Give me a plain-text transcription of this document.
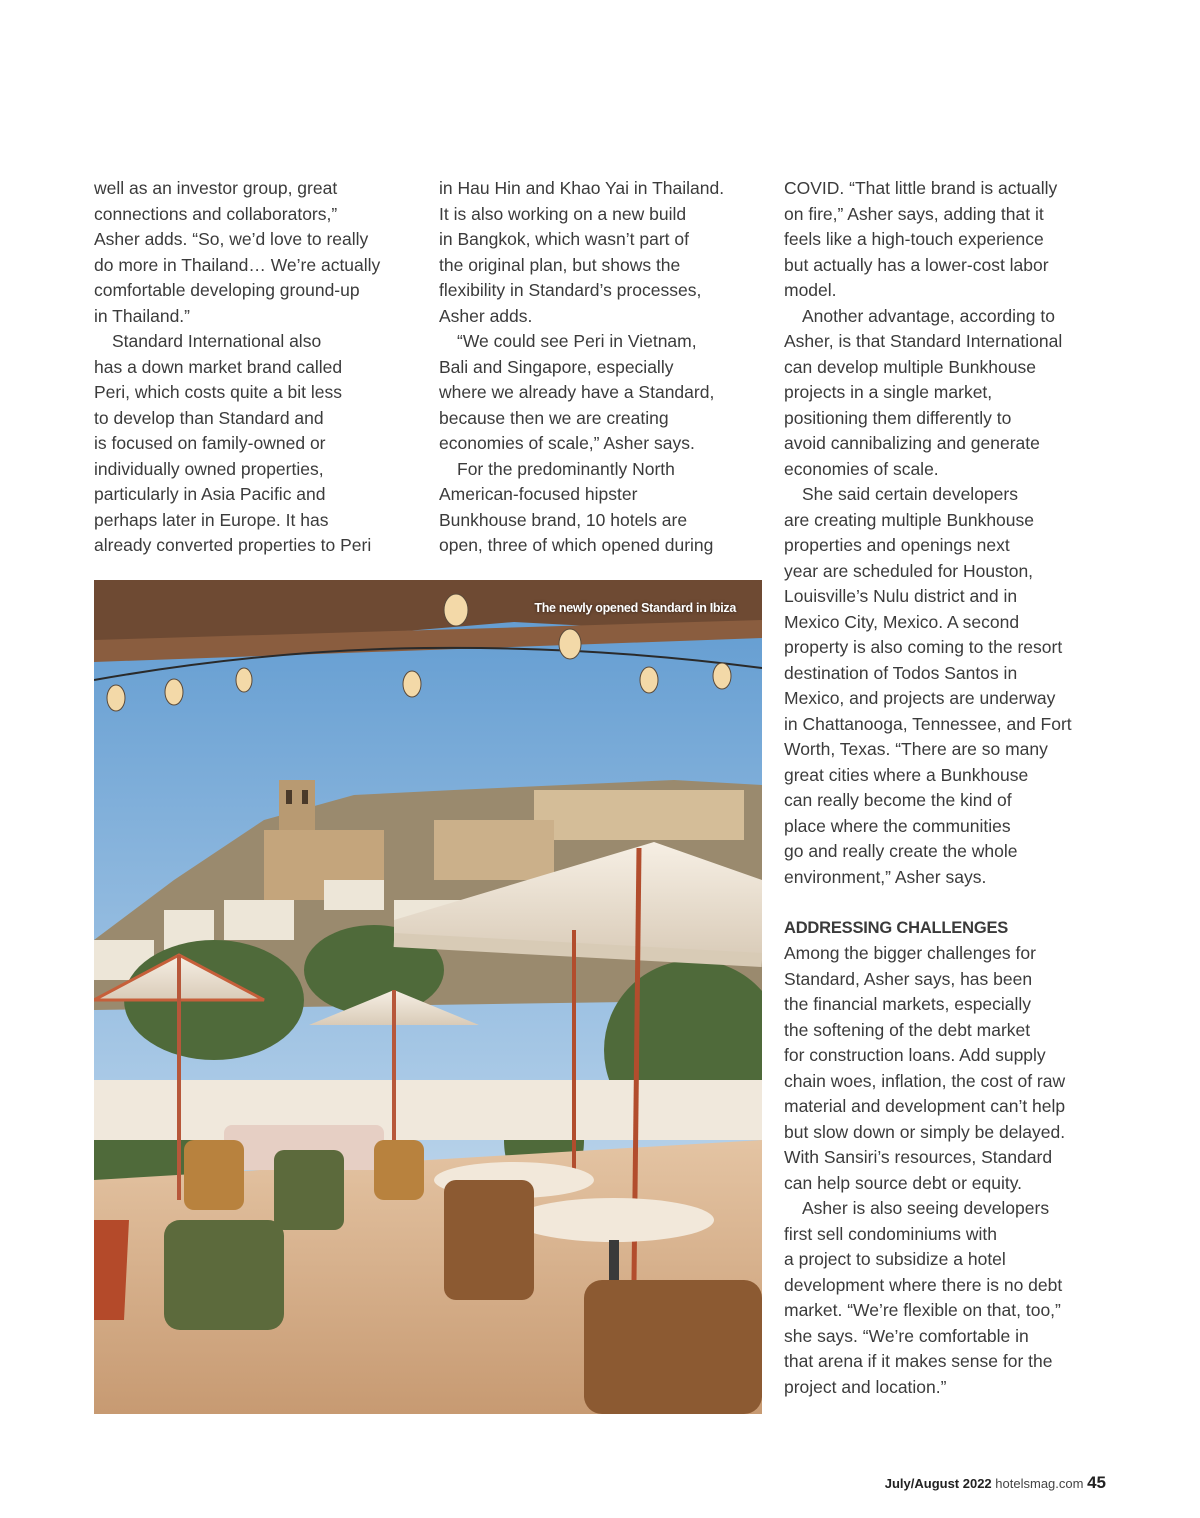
well as an investor group, great
connections and collaborators,”
Asher adds. “So, we’d love to really
do more in Thailand… We’re actually
comfortable developing ground-up
in Thailand.”
Standard International also
has a down market brand called
Peri, which costs quite a bit less
to develop than Standard and
is focused on family-owned or
individually owned properties,
particularly in Asia Pacific and
perhaps later in Europe. It has
already converted properties to Peri
in Hau Hin and Khao Yai in Thailand.
It is also working on a new build
in Bangkok, which wasn’t part of
the original plan, but shows the
flexibility in Standard’s processes,
Asher adds.
“We could see Peri in Vietnam,
Bali and Singapore, especially
where we already have a Standard,
because then we are creating
economies of scale,” Asher says.
For the predominantly North
American-focused hipster
Bunkhouse brand, 10 hotels are
open, three of which opened during
COVID. “That little brand is actually
on fire,” Asher says, adding that it
feels like a high-touch experience
but actually has a lower-cost labor
model.
Another advantage, according to
Asher, is that Standard International
can develop multiple Bunkhouse
projects in a single market,
positioning them differently to
avoid cannibalizing and generate
economies of scale.
She said certain developers
are creating multiple Bunkhouse
properties and openings next
year are scheduled for Houston,
Louisville’s Nulu district and in
Mexico City, Mexico. A second
property is also coming to the resort
destination of Todos Santos in
Mexico, and projects are underway
in Chattanooga, Tennessee, and Fort
Worth, Texas. “There are so many
great cities where a Bunkhouse
can really become the kind of
place where the communities
go and really create the whole
environment,” Asher says.
ADDRESSING CHALLENGES
Among the bigger challenges for
Standard, Asher says, has been
the financial markets, especially
the softening of the debt market
for construction loans. Add supply
chain woes, inflation, the cost of raw
material and development can’t help
but slow down or simply be delayed.
With Sansiri’s resources, Standard
can help source debt or equity.
Asher is also seeing developers
first sell condominiums with
a project to subsidize a hotel
development where there is no debt
market. “We’re flexible on that, too,”
she says. “We’re comfortable in
that arena if it makes sense for the
project and location.”
The newly opened Standard in Ibiza
July/August 2022 hotelsmag.com 45
